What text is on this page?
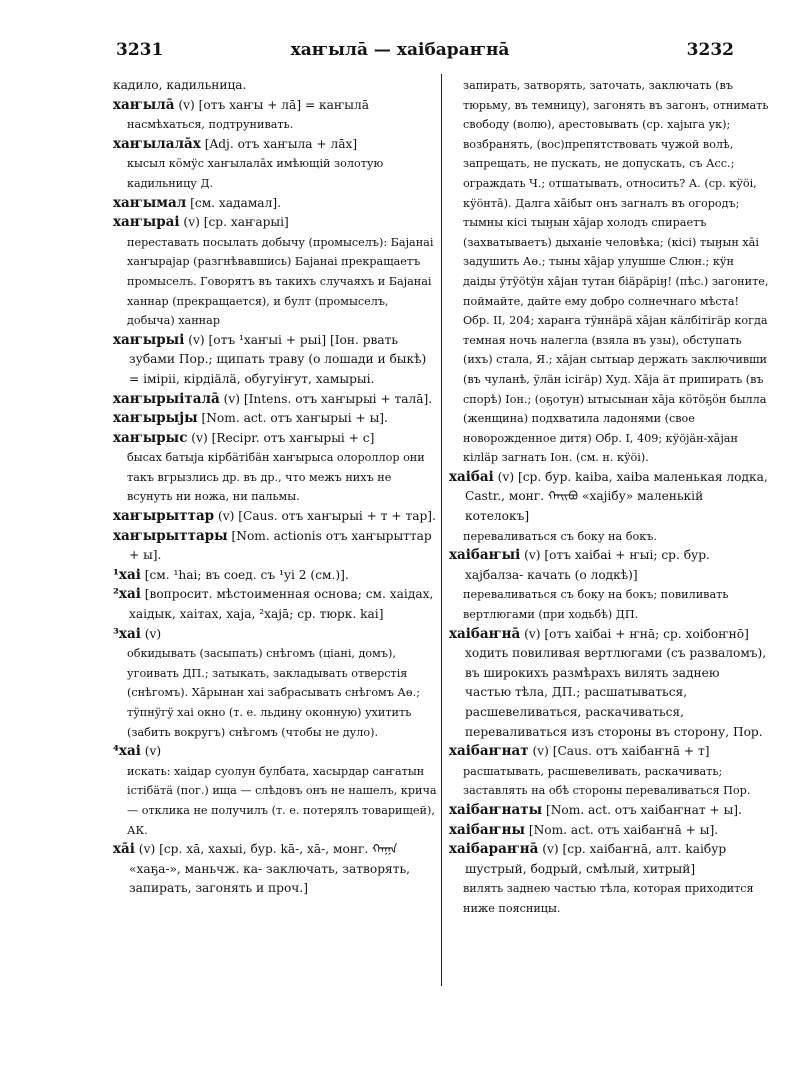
3231	хаҥылā — хаiбараҥнā	3232

кадило, кадильница.

хаҥылā (v) [отъ хаҥы + лā] = каҥылā

насмѣхаться, подтрунивать.

хаҥылалāх [Adj. отъ хаҥыла + лāх]

кысыл кӧмӱс хаҥылалāх имѣющiй золотую кадильницу Д.

хаҥымал [см. хадамал].

хаҥырai (v) [ср. хаҥарыi]

переставать посылать добычу (промыселъ): Баjанаi хаҥырajар (разгнѣвавшись) Баjанаi прекращаетъ промыселъ. Говорятъ въ такихъ случаяхъ и Баjанаi ханнар (прекращается), и булт (промыселъ, добыча) ханнар

хаҥырыi (v) [отъ ¹хаҥыi + рыi] [Iон. рвать зубами Пор.; щипать траву (о лошади и быкѣ) = iмiрii, кiрдiäлä, обугуiҥут, хамырыi.

хаҥырыiталā (v) [Intens. отъ хаҥырыi + талā].

хаҥырыjы [Nom. act. отъ хаҥырыi + ы].

хаҥырыс (v) [Recipr. отъ хаҥырыi + с]

бысах батыjа кiрбäтiбäн хаҥырыса олороллор они такъ вгрызлись др. въ др., что межъ нихъ не всунуть ни ножа, ни пальмы.

хаҥырыттар (v) [Caus. отъ хаҥырыi + т + тар].

хаҥырыттары [Nom. actionis отъ хаҥырыттар + ы].

¹хаi [см. ¹hai; въ соед. съ ¹уi 2 (см.)].

²хаi [вопросит. мѣстоименная основа; см. хаiдах, хаiдык, хаiтах, хаjа, ²хаjā; ср. тюрк. kai]

³хаi (v)

обкидывать (засыпать) снѣгомъ (цiанi, домъ), угоивать ДП.; затыкать, закладывать отверстiя (снѣгомъ). Хāрынан хаi забрасывать снѣгомъ Аө.; тӱпнӱгӱ хаi окно (т. е. льдину оконную) ухитить (забить вокругъ) снѣгомъ (чтобы не дуло).

⁴хаi (v)

искать: хаiдар суолун булбата, хасырдар саҥатын iстiбäтä (пог.) ища — слѣдовъ онъ не нашелъ, крича — отклика не получилъ (т. е. потерялъ товарищей), АК.

хāi (v) [ср. хā, хахыi, бур. kā-, хā-, монг. ᠬᠠᠭᠠ «хаҕа-», маньчж. ка- заключать, затворять, запирать, загонять и проч.]

запирать, затворять, заточать, заключать (въ тюрьму, въ темницу), загонять въ загонъ, отнимать свободу (волю), арестовывать (ср. хаjыга ук); возбранять, (вос)препятствовать чужой волѣ, запрещать, не пускать, не допускать, съ Асс.; ограждать Ч.; отшатывать, относить? А. (ср. кӱöi, кӱöнтā). Далга хāiбыт онъ загналъ въ огородъ; тымны кiсi тыӈын хājар холодъ спираетъ (захватываетъ) дыханiе человѣка; (кiсi) тыӈын хāi задушить Аө.; тыны хājар улушше Слюн.; кӱн даiды ӱтӱötӱн хājан тутан бiäрäрiӈ! (пѣс.) загоните, поймайте, дайте ему добро солнечнаго мѣста! Обр. II, 204; хараҥа тӱннäрä хājан кäлбiтiгäр когда темная ночь налегла (взяла въ узы), обступать (ихъ) стала, Я.; хājан сытыар держать заключивши (въ чуланѣ, ӱлäн iсiгäр) Худ. Хāja äт припирать (въ спорѣ) Iон.; (оҕотун) ытысынан хāja кӧтӧҕӧн былла (женщина) подхватила ладонями (свое новорожденное дитя) Обр. I, 409; кӱöjäн-хājан кiлläр загнать Iон. (см. н. кӱöi).

хаiбаi (v) [ср. бур. kaiba, xaiba маленькая лодка, Castr., монг. ᠬᠠᠢᠪᠤ «хаjiбу» маленькiй котелокъ]

переваливаться съ боку на бокъ.

хаiбаҥыi (v) [отъ хаiбаi + ҥыi; ср. бур. хаjбалза- качать (о лодкѣ)]

переваливаться съ боку на бокъ; повиливать вертлюгами (при ходьбѣ) ДП.

хаiбаҥнā (v) [отъ хаiбаi + ҥнā; ср. хоiбоҥнō] ходить повиливая вертлюгами (съ разваломъ), въ широкихъ размѣрахъ вилять заднею частью тѣла, ДП.; расшатываться, расшевеливаться, раскачиваться, переваливаться изъ стороны въ сторону, Пор.

хаiбаҥнат (v) [Caus. отъ хаiбаҥнā + т]

расшатывать, расшевеливать, раскачивать; заставлять на обѣ стороны переваливаться Пор.

хаiбаҥнаты [Nom. act. отъ хаiбаҥнат + ы].

хаiбаҥны [Nom. act. отъ хаiбаҥнā + ы].

хаiбараҥнā (v) [ср. хаiбаҥнā, алт. kaiбур шустрый, бодрый, смѣлый, хитрый]

вилять заднею частью тѣла, которая приходится ниже поясницы.
